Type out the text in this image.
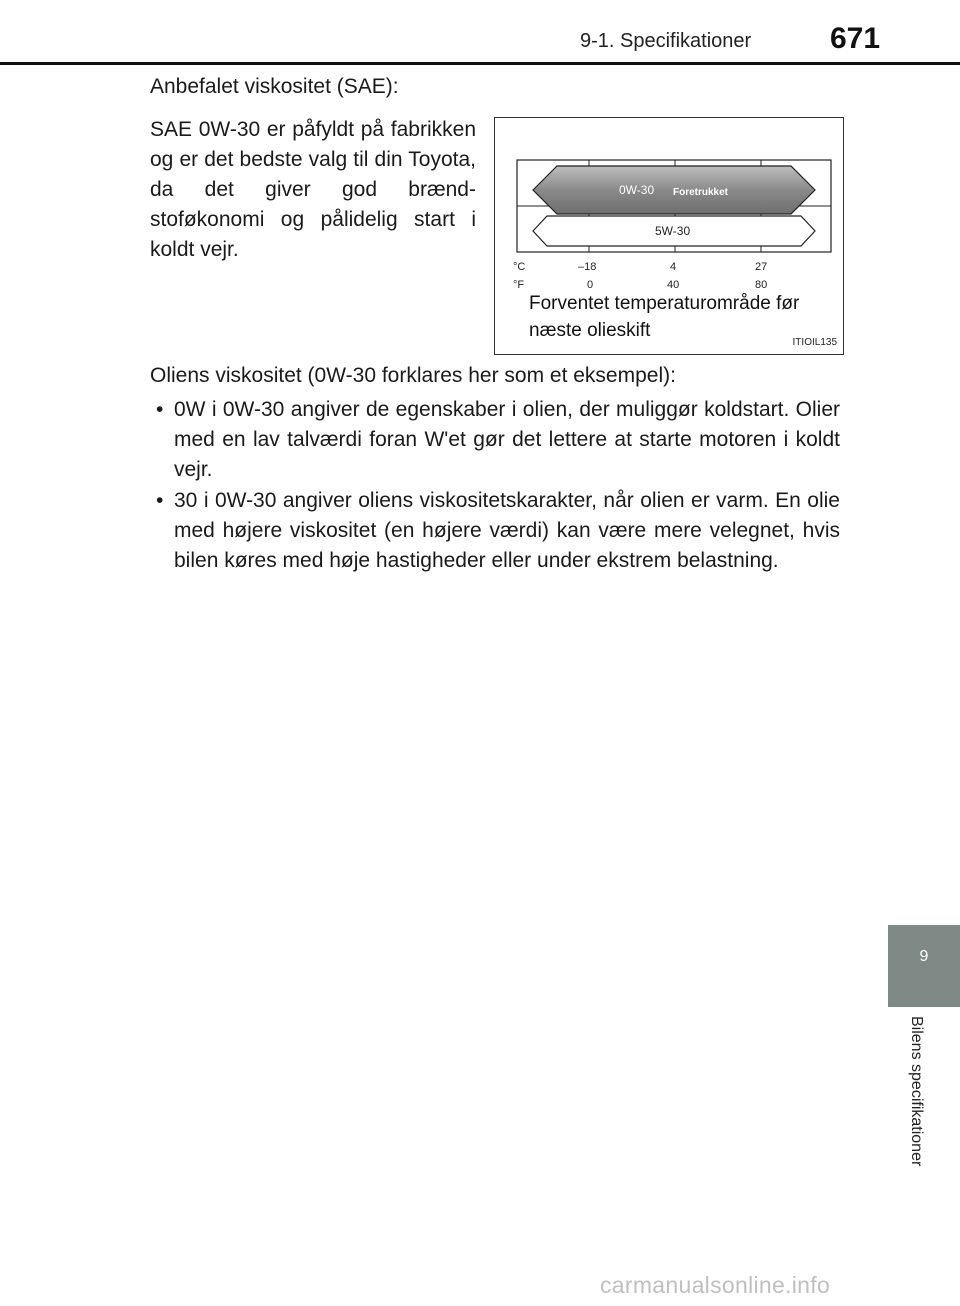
9-1. Specifikationer	671
Anbefalet viskositet (SAE):
SAE 0W-30 er påfyldt på fabrikken og er det bedste valg til din Toyota, da det giver god brændstoføkonomi og pålidelig start i koldt vejr.
0W-30 Foretrukket
5W-30
°C
°F
–18	4	27
0	40	80
Forventet temperaturområde før
næste olieskift
ITIOIL135
Oliens viskositet (0W-30 forklares her som et eksempel):
• 0W i 0W-30 angiver de egenskaber i olien, der muliggør koldstart. Olier med en lav talværdi foran W'et gør det lettere at starte motoren i koldt vejr.
• 30 i 0W-30 angiver oliens viskositetskarakter, når olien er varm. En olie med højere viskositet (en højere værdi) kan være mere velegnet, hvis bilen køres med høje hastigheder eller under ekstrem belastning.
9
Bilens specifikationer
carmanualsonline.info
